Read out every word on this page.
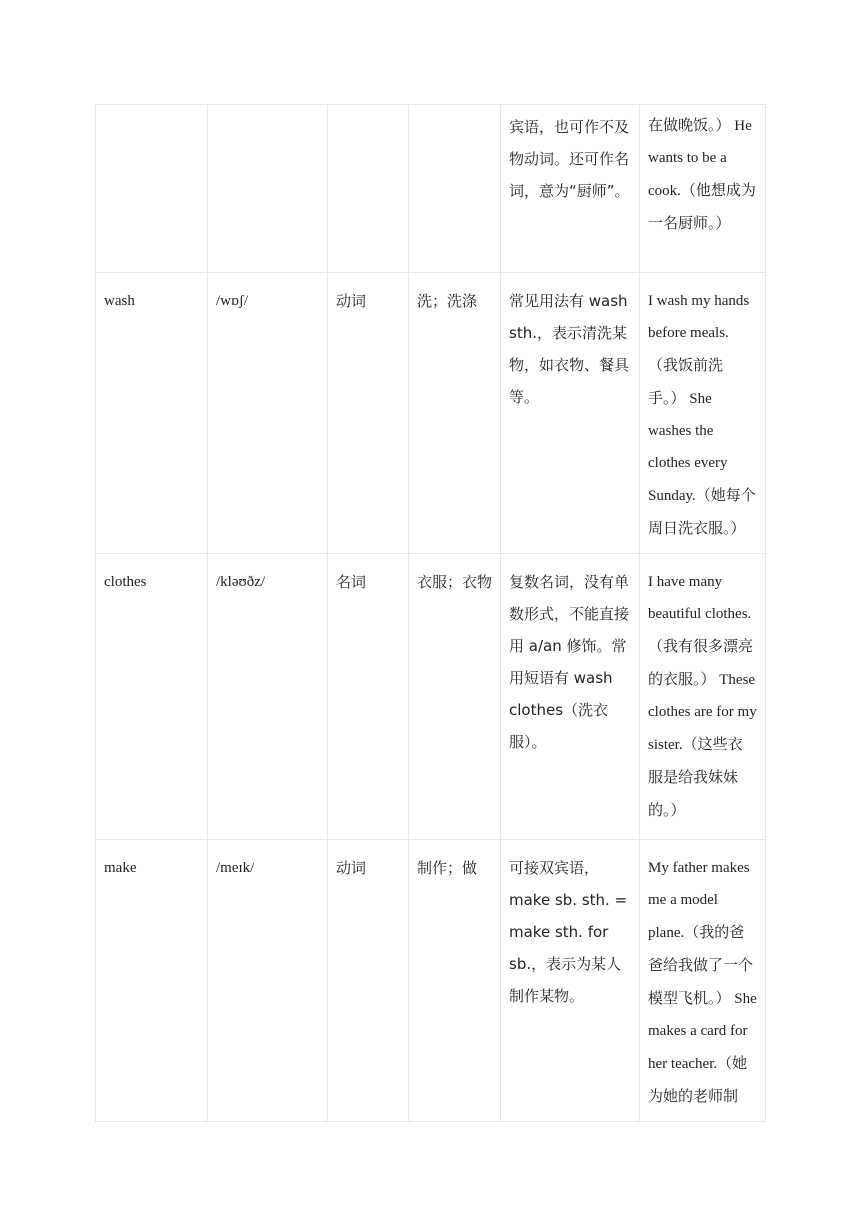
				宾语，也可作不及物动词。还可作名词，意为“厨师”。	在做晚饭。） He wants to be a cook.（他想成为一名厨师。）
wash	/wɒʃ/	动词	洗；洗涤	常见用法有 wash sth.，表示清洗某物，如衣物、餐具等。	I wash my hands before meals.（我饭前洗手。） She washes the clothes every Sunday.（她每个周日洗衣服。）
clothes	/kləʊðz/	名词	衣服；衣物	复数名词，没有单数形式，不能直接用 a/an 修饰。常用短语有 wash clothes（洗衣服）。	I have many beautiful clothes.（我有很多漂亮的衣服。） These clothes are for my sister.（这些衣服是给我妹妹的。）
make	/meɪk/	动词	制作；做	可接双宾语，make sb. sth. = make sth. for sb.，表示为某人制作某物。	My father makes me a model plane.（我的爸爸给我做了一个模型飞机。） She makes a card for her teacher.（她为她的老师制
